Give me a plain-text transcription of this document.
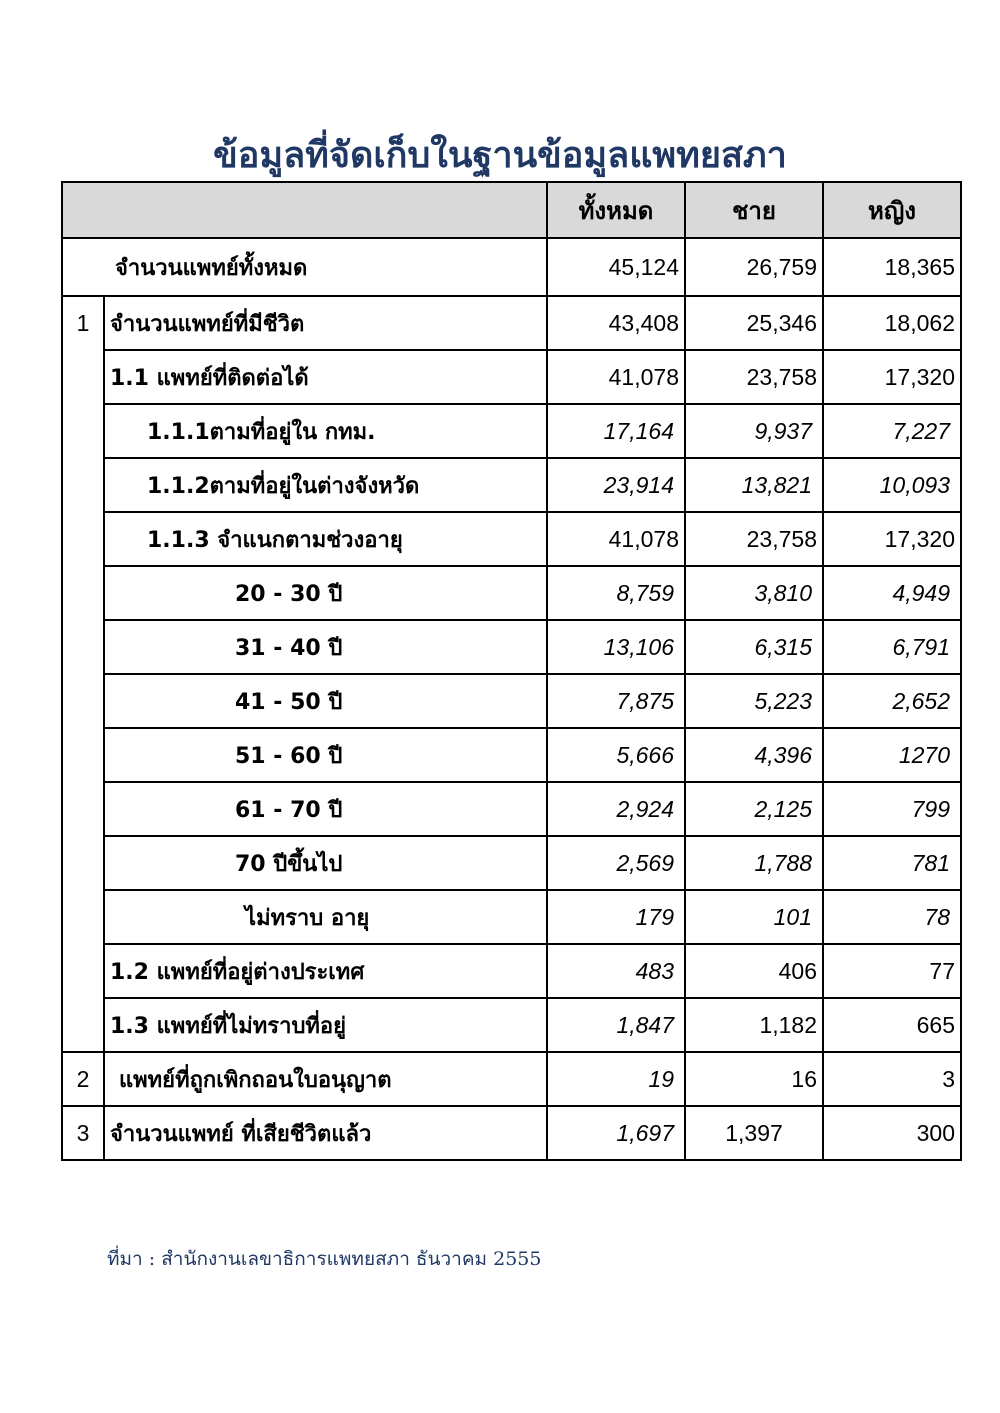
ข้อมูลที่จัดเก็บในฐานข้อมูลแพทยสภา
		ทั้งหมด	ชาย	หญิง
จำนวนแพทย์ทั้งหมด		45,124	26,759	18,365
1	จำนวนแพทย์ที่มีชีวิต	43,408	25,346	18,062
	1.1 แพทย์ที่ติดต่อได้	41,078	23,758	17,320
	1.1.1ตามที่อยู่ใน กทม.	17,164	9,937	7,227
	1.1.2ตามที่อยู่ในต่างจังหวัด	23,914	13,821	10,093
	1.1.3 จำแนกตามช่วงอายุ	41,078	23,758	17,320
	20 - 30 ปี	8,759	3,810	4,949
	31 - 40 ปี	13,106	6,315	6,791
	41 - 50 ปี	7,875	5,223	2,652
	51 - 60 ปี	5,666	4,396	1270
	61 - 70 ปี	2,924	2,125	799
	70 ปีขึ้นไป	2,569	1,788	781
	ไม่ทราบ อายุ	179	101	78
	1.2 แพทย์ที่อยู่ต่างประเทศ	483	406	77
	1.3 แพทย์ที่ไม่ทราบที่อยู่	1,847	1,182	665
2	แพทย์ที่ถูกเพิกถอนใบอนุญาต	19	16	3
3	จำนวนแพทย์ ที่เสียชีวิตแล้ว	1,697	1,397	300
ที่มา : สำนักงานเลขาธิการแพทยสภา ธันวาคม 2555
